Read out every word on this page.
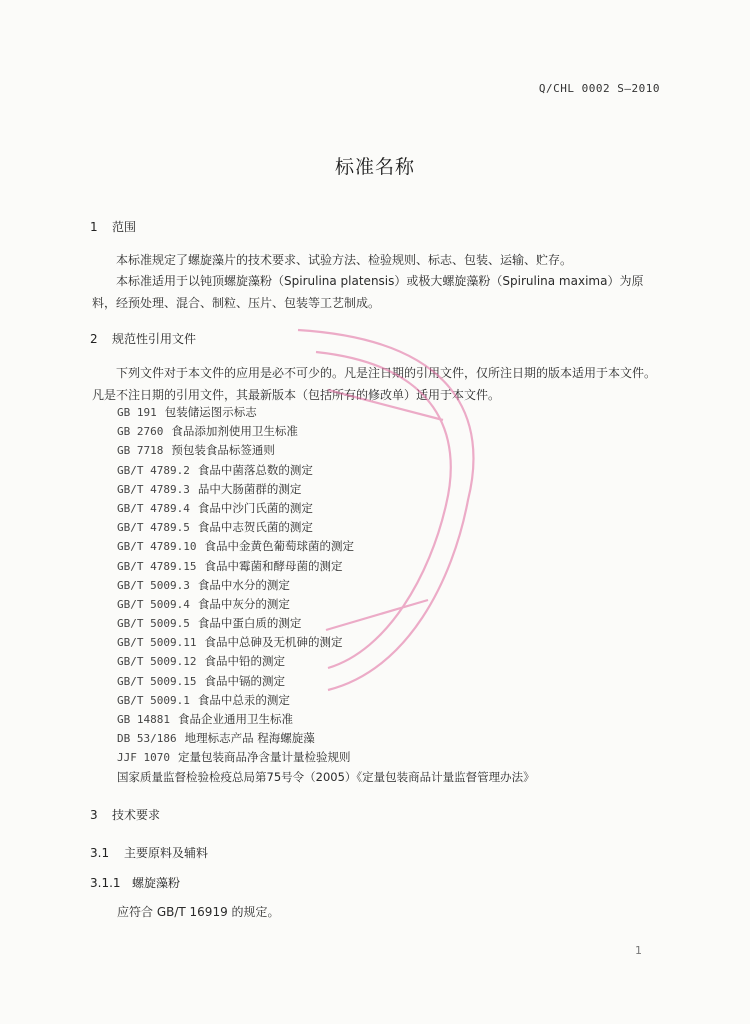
Q/CHL 0002 S—2010
标准名称
1 范围
本标准规定了螺旋藻片的技术要求、试验方法、检验规则、标志、包装、运输、贮存。
本标准适用于以钝顶螺旋藻粉（Spirulina platensis）或极大螺旋藻粉（Spirulina maxima）为原料，经预处理、混合、制粒、压片、包装等工艺制成。
2 规范性引用文件
下列文件对于本文件的应用是必不可少的。凡是注日期的引用文件，仅所注日期的版本适用于本文件。凡是不注日期的引用文件，其最新版本（包括所有的修改单）适用于本文件。
GB 191 包装储运图示标志
GB 2760 食品添加剂使用卫生标准
GB 7718 预包装食品标签通则
GB/T 4789.2 食品中菌落总数的测定
GB/T 4789.3 品中大肠菌群的测定
GB/T 4789.4 食品中沙门氏菌的测定
GB/T 4789.5 食品中志贺氏菌的测定
GB/T 4789.10 食品中金黄色葡萄球菌的测定
GB/T 4789.15 食品中霉菌和酵母菌的测定
GB/T 5009.3 食品中水分的测定
GB/T 5009.4 食品中灰分的测定
GB/T 5009.5 食品中蛋白质的测定
GB/T 5009.11 食品中总砷及无机砷的测定
GB/T 5009.12 食品中铅的测定
GB/T 5009.15 食品中镉的测定
GB/T 5009.1 食品中总汞的测定
GB 14881 食品企业通用卫生标准
DB 53/186 地理标志产品 程海螺旋藻
JJF 1070 定量包装商品净含量计量检验规则
国家质量监督检验检疫总局第75号令（2005）《定量包装商品计量监督管理办法》
3 技术要求
3.1 主要原料及辅料
3.1.1 螺旋藻粉
应符合 GB/T 16919 的规定。
1
